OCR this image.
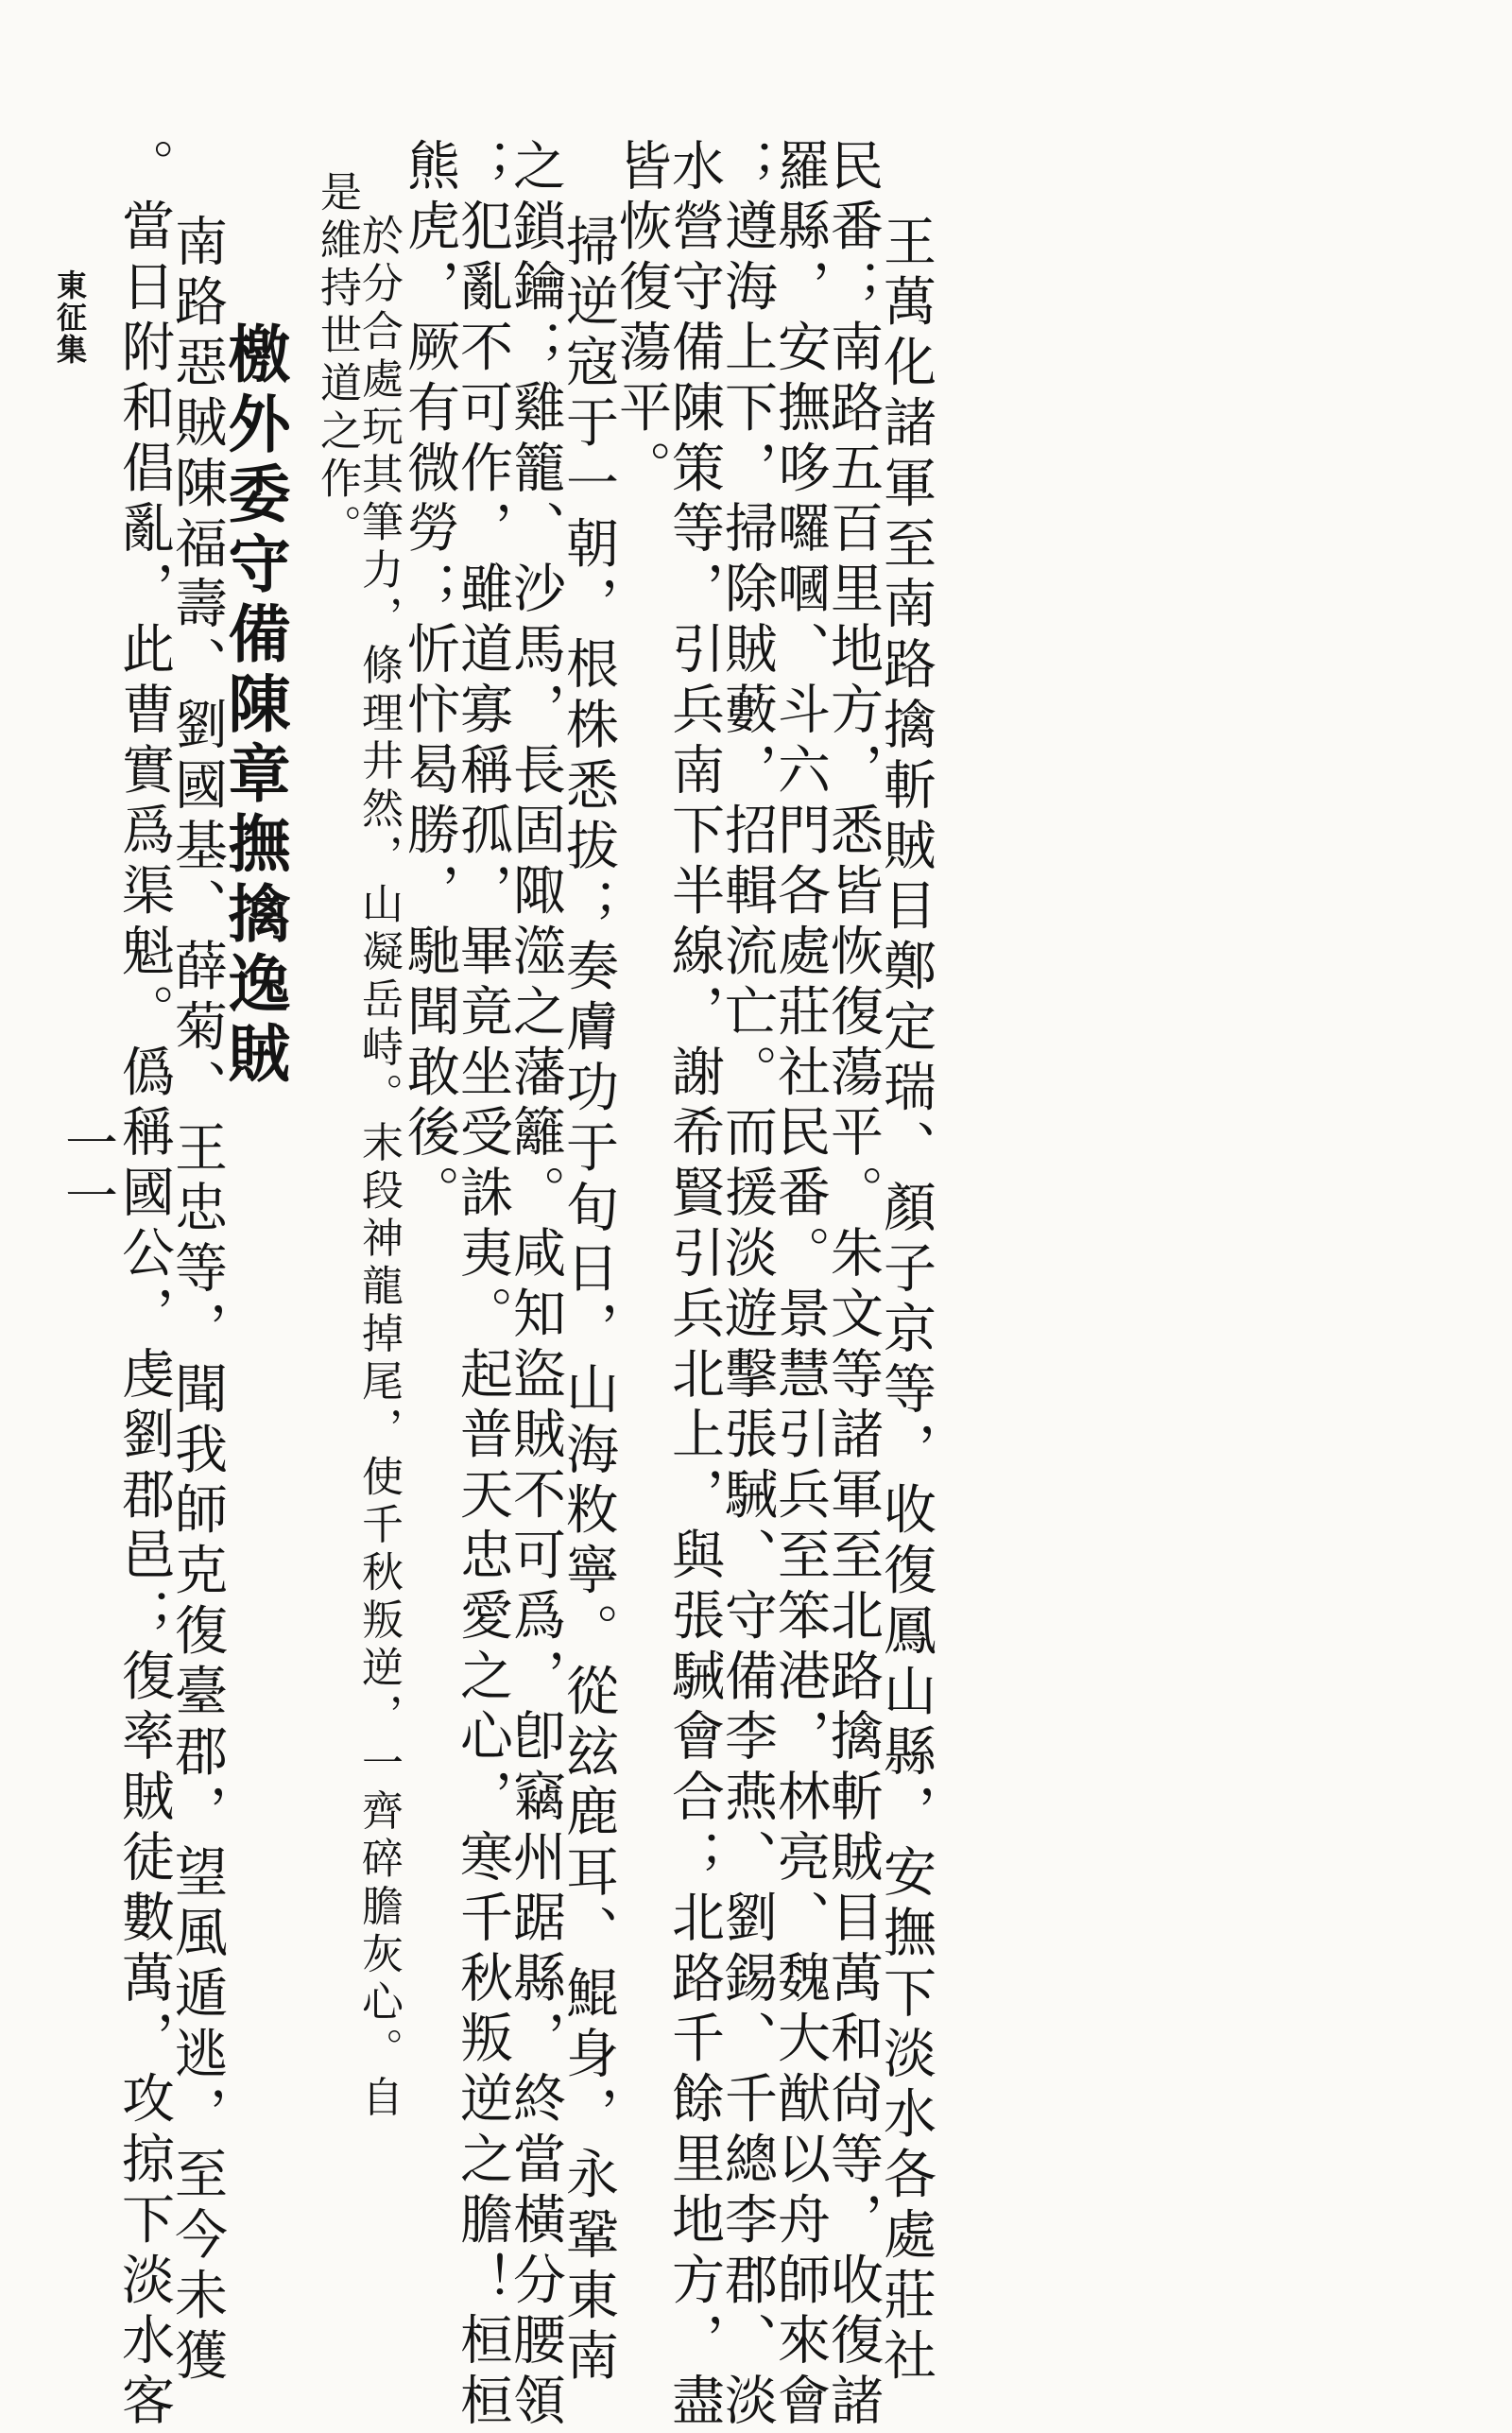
王萬化諸軍至南路擒斬賊目鄭定瑞、顏子京等，收復鳳山縣，安撫下淡水各處莊社
民番；南路五百里地方，悉皆恢復蕩平。朱文等諸軍至北路擒斬賊目萬和尙等，收復諸
羅縣，安撫哆囉嘓、斗六門各處莊社民番。景慧引兵至笨港，林亮、魏大猷以舟師來會
；遵海上下，掃除賊藪，招輯流亡。而援淡遊擊張駴、守備李燕、劉錫、千總李郡、淡
水營守備陳策等，引兵南下半線，謝希賢引兵北上，與張駴會合；北路千餘里地方，盡
皆恢復蕩平。
掃逆寇于一朝，根株悉拔；奏膚功于旬日，山海敉寧。從玆鹿耳、鯤身，永鞏東南
之鎖鑰；雞籠、沙馬，長固陬澨之藩籬。咸知盜賊不可爲，卽竊州踞縣，終當橫分腰領
；犯亂不可作，雖道寡稱孤，畢竟坐受誅夷。起普天忠愛之心，寒千秋叛逆之膽！桓桓
熊虎，厥有微勞；忻忭曷勝，馳聞敢後。
於分合處玩其筆力，條理井然，山凝岳峙。末段神龍掉尾，使千秋叛逆，一齊碎膽灰心。自
是維持世道之作。
檄外委守備陳章撫擒逸賊
南路惡賊陳福壽、劉國基、薛菊、王忠等，聞我師克復臺郡，望風遁逃，至今未獲
。當日附和倡亂，此曹實爲渠魁。僞稱國公，虔劉郡邑；復率賊徒數萬，攻掠下淡水客
東征集
一一
